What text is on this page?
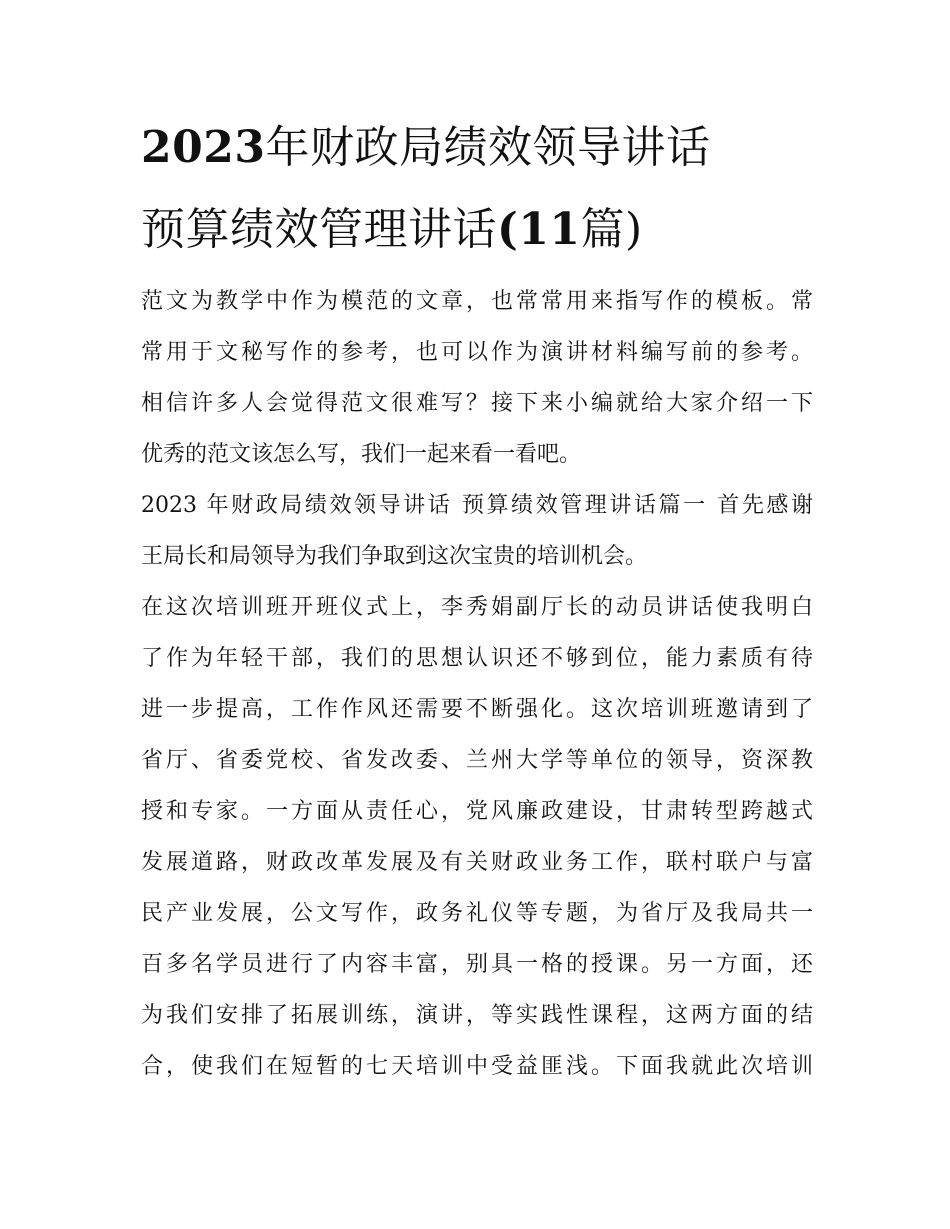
2023年财政局绩效领导讲话
预算绩效管理讲话(11篇)

范文为教学中作为模范的文章，也常常用来指写作的模板。常
常用于文秘写作的参考，也可以作为演讲材料编写前的参考。
相信许多人会觉得范文很难写？接下来小编就给大家介绍一下
优秀的范文该怎么写，我们一起来看一看吧。

2023 年财政局绩效领导讲话 预算绩效管理讲话篇一 首先感谢
王局长和局领导为我们争取到这次宝贵的培训机会。

在这次培训班开班仪式上，李秀娟副厅长的动员讲话使我明白
了作为年轻干部，我们的思想认识还不够到位，能力素质有待
进一步提高，工作作风还需要不断强化。这次培训班邀请到了
省厅、省委党校、省发改委、兰州大学等单位的领导，资深教
授和专家。一方面从责任心，党风廉政建设，甘肃转型跨越式
发展道路，财政改革发展及有关财政业务工作，联村联户与富
民产业发展，公文写作，政务礼仪等专题，为省厅及我局共一
百多名学员进行了内容丰富，别具一格的授课。另一方面，还
为我们安排了拓展训练，演讲，等实践性课程，这两方面的结
合，使我们在短暂的七天培训中受益匪浅。下面我就此次培训
